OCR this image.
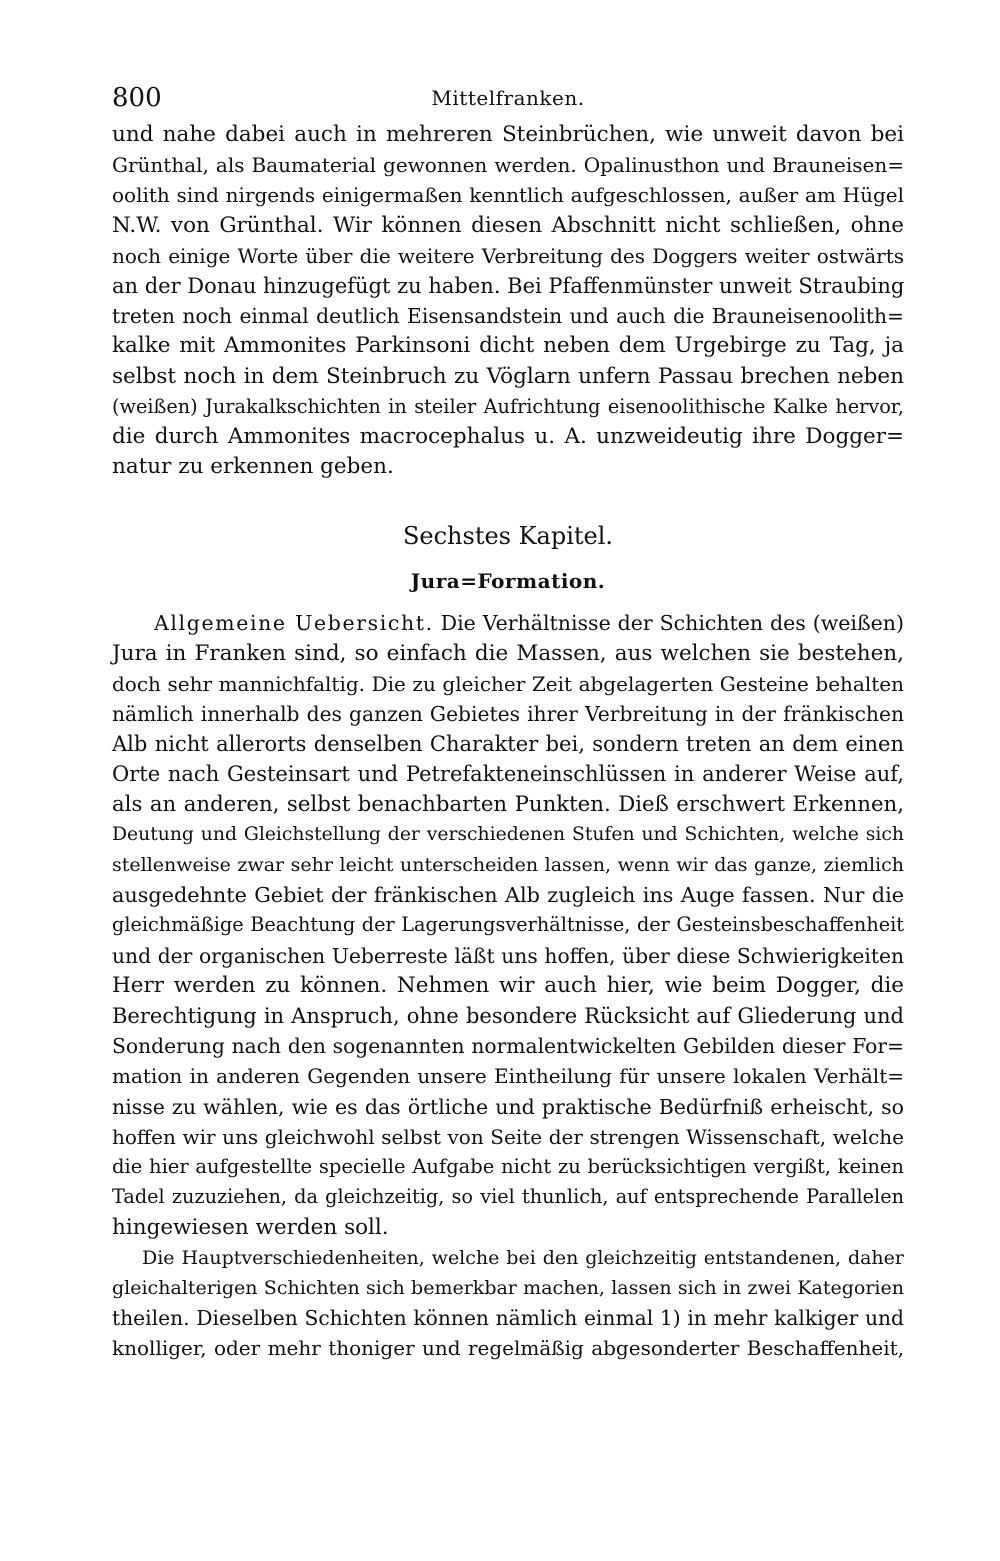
800	Mittelfranken.
und nahe dabei auch in mehreren Steinbrüchen, wie unweit davon bei
Grünthal, als Baumaterial gewonnen werden. Opalinusthon und Brauneisen=
oolith sind nirgends einigermaßen kenntlich aufgeschlossen, außer am Hügel
N.W. von Grünthal. Wir können diesen Abschnitt nicht schließen, ohne
noch einige Worte über die weitere Verbreitung des Doggers weiter ostwärts
an der Donau hinzugefügt zu haben. Bei Pfaffenmünster unweit Straubing
treten noch einmal deutlich Eisensandstein und auch die Brauneisenoolith=
kalke mit Ammonites Parkinsoni dicht neben dem Urgebirge zu Tag, ja
selbst noch in dem Steinbruch zu Vöglarn unfern Passau brechen neben
(weißen) Jurakalkschichten in steiler Aufrichtung eisenoolithische Kalke hervor,
die durch Ammonites macrocephalus u. A. unzweideutig ihre Dogger=
natur zu erkennen geben.
Sechstes Kapitel.
Jura=Formation.
Allgemeine Uebersicht. Die Verhältnisse der Schichten des (weißen)
Jura in Franken sind, so einfach die Massen, aus welchen sie bestehen,
doch sehr mannichfaltig. Die zu gleicher Zeit abgelagerten Gesteine behalten
nämlich innerhalb des ganzen Gebietes ihrer Verbreitung in der fränkischen
Alb nicht allerorts denselben Charakter bei, sondern treten an dem einen
Orte nach Gesteinsart und Petrefakteneinschlüssen in anderer Weise auf,
als an anderen, selbst benachbarten Punkten. Dieß erschwert Erkennen,
Deutung und Gleichstellung der verschiedenen Stufen und Schichten, welche sich
stellenweise zwar sehr leicht unterscheiden lassen, wenn wir das ganze, ziemlich
ausgedehnte Gebiet der fränkischen Alb zugleich ins Auge fassen. Nur die
gleichmäßige Beachtung der Lagerungsverhältnisse, der Gesteinsbeschaffenheit
und der organischen Ueberreste läßt uns hoffen, über diese Schwierigkeiten
Herr werden zu können. Nehmen wir auch hier, wie beim Dogger, die
Berechtigung in Anspruch, ohne besondere Rücksicht auf Gliederung und
Sonderung nach den sogenannten normalentwickelten Gebilden dieser For=
mation in anderen Gegenden unsere Eintheilung für unsere lokalen Verhält=
nisse zu wählen, wie es das örtliche und praktische Bedürfniß erheischt, so
hoffen wir uns gleichwohl selbst von Seite der strengen Wissenschaft, welche
die hier aufgestellte specielle Aufgabe nicht zu berücksichtigen vergißt, keinen
Tadel zuzuziehen, da gleichzeitig, so viel thunlich, auf entsprechende Parallelen
hingewiesen werden soll.
Die Hauptverschiedenheiten, welche bei den gleichzeitig entstandenen, daher
gleichalterigen Schichten sich bemerkbar machen, lassen sich in zwei Kategorien
theilen. Dieselben Schichten können nämlich einmal 1) in mehr kalkiger und
knolliger, oder mehr thoniger und regelmäßig abgesonderter Beschaffenheit,
